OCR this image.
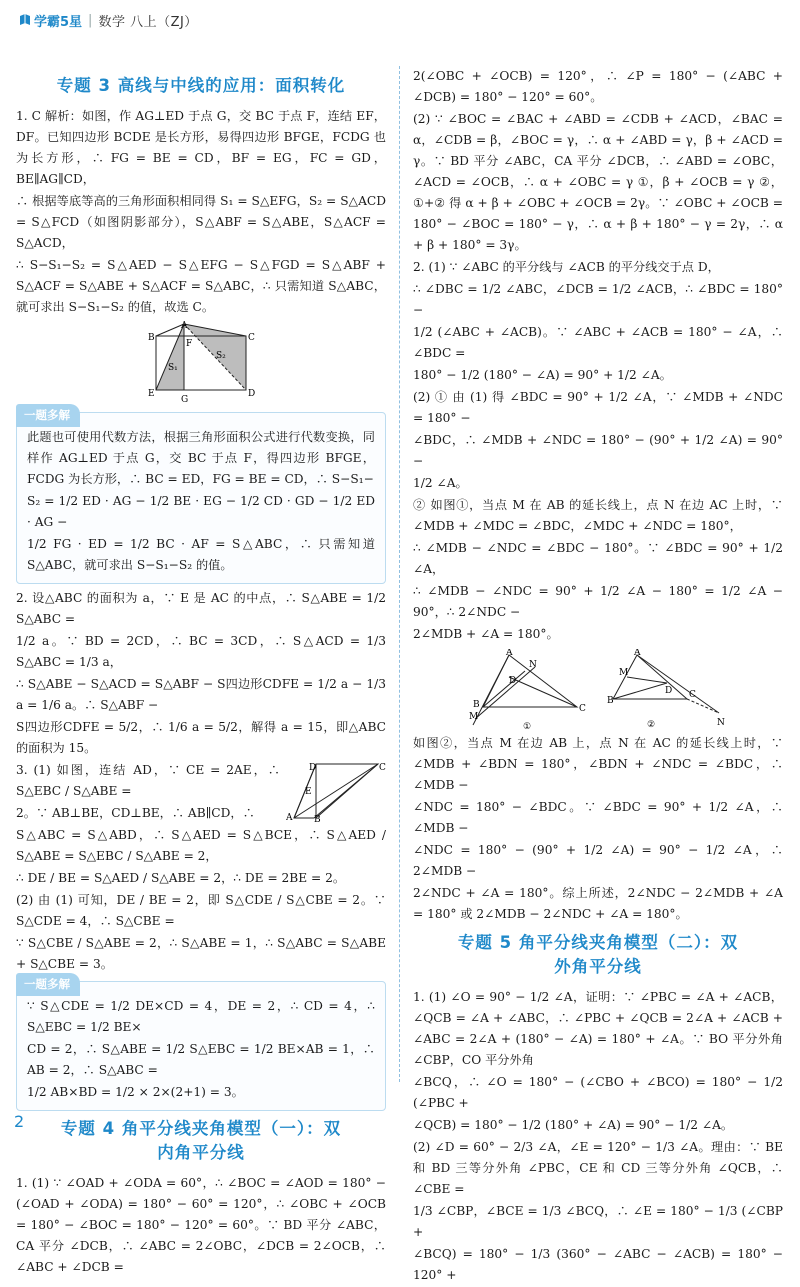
学霸5星 | 数学 八上（ZJ）
专题 3 高线与中线的应用：面积转化

1. C 解析：如图，作 AG⊥ED 于点 G，交 BC 于点 F，连结 EF，DF。已知四边形 BCDE 是长方形，易得四边形 BFGE，FCDG 也为长方形，∴ FG = BE = CD，BF = EG，FC = GD，BE∥AG∥CD，

∴ 根据等底等高的三角形面积相同得 S₁ = S△EFG，S₂ = S△ACD = S△FCD（如图阴影部分），S△ABF = S△ABE，S△ACF = S△ACD，

∴ S−S₁−S₂ = S△AED − S△EFG − S△FGD = S△ABF + S△ACF = S△ABE + S△ACF = S△ABC，∴ 只需知道 S△ABC，就可求出 S−S₁−S₂ 的值，故选 C。

A
B	C
D
E
F
G
S₁
S₂
一题多解

此题也可使用代数方法，根据三角形面积公式进行代数变换，同样作 AG⊥ED 于点 G，交 BC 于点 F，得四边形 BFGE，FCDG 为长方形，∴ BC = ED，FG = BE = CD，∴ S−S₁−

S₂ = 1/2 ED · AG − 1/2 BE · EG − 1/2 CD · GD − 1/2 ED · AG −

1/2 FG · ED = 1/2 BC · AF = S△ABC，∴ 只需知道 S△ABC，就可求出 S−S₁−S₂ 的值。

2. 设△ABC 的面积为 a，∵ E 是 AC 的中点，∴ S△ABE = 1/2 S△ABC =

1/2 a。∵ BD = 2CD，∴ BC = 3CD，∴ S△ACD = 1/3 S△ABC = 1/3 a，

∴ S△ABE − S△ACD = S△ABF − S四边形CDFE = 1/2 a − 1/3 a = 1/6 a。∴ S△ABF −

S四边形CDFE = 5/2，∴ 1/6 a = 5/2，解得 a = 15，即△ABC 的面积为 15。

D	C
A B
E

3. (1) 如图，连结 AD，∵ CE = 2AE，∴ S△EBC / S△ABE =

2。∵ AB⊥BE，CD⊥BE，∴ AB∥CD，∴

S△ABC = S△ABD，∴ S△AED = S△BCE，∴ S△AED / S△ABE = S△EBC / S△ABE = 2，

∴ DE / BE = S△AED / S△ABE = 2，∴ DE = 2BE = 2。

(2) 由 (1) 可知，DE / BE = 2，即 S△CDE / S△CBE = 2。∵ S△CDE = 4，∴ S△CBE =

∵ S△CBE / S△ABE = 2，∴ S△ABE = 1，∴ S△ABC = S△ABE + S△CBE = 3。

一题多解

∵ S△CDE = 1/2 DE×CD = 4，DE = 2，∴ CD = 4，∴ S△EBC = 1/2 BE×

CD = 2，∴ S△ABE = 1/2 S△EBC = 1/2 BE×AB = 1，∴ AB = 2，∴ S△ABC =

1/2 AB×BD = 1/2 × 2×(2+1) = 3。

专题 4 角平分线夹角模型（一）：双
内角平分线

1. (1) ∵ ∠OAD + ∠ODA = 60°，∴ ∠BOC = ∠AOD = 180° − (∠OAD + ∠ODA) = 180° − 60° = 120°，∴ ∠OBC + ∠OCB = 180° − ∠BOC = 180° − 120° = 60°。∵ BD 平分 ∠ABC，CA 平分 ∠DCB，∴ ∠ABC = 2∠OBC，∠DCB = 2∠OCB，∴ ∠ABC + ∠DCB =

2(∠OBC + ∠OCB) = 120°，∴ ∠P = 180° − (∠ABC + ∠DCB) = 180° − 120° = 60°。

(2) ∵ ∠BOC = ∠BAC + ∠ABD = ∠CDB + ∠ACD，∠BAC = α，∠CDB = β，∠BOC = γ，∴ α + ∠ABD = γ，β + ∠ACD = γ。∵ BD 平分 ∠ABC，CA 平分 ∠DCB，∴ ∠ABD = ∠OBC，∠ACD = ∠OCB，∴ α + ∠OBC = γ ①，β + ∠OCB = γ ②，①+② 得 α + β + ∠OBC + ∠OCB = 2γ。∵ ∠OBC + ∠OCB = 180° − ∠BOC = 180° − γ，∴ α + β + 180° − γ = 2γ，∴ α + β + 180° = 3γ。

2. (1) ∵ ∠ABC 的平分线与 ∠ACB 的平分线交于点 D，

∴ ∠DBC = 1/2 ∠ABC，∠DCB = 1/2 ∠ACB，∴ ∠BDC = 180° −

1/2 (∠ABC + ∠ACB)。∵ ∠ABC + ∠ACB = 180° − ∠A，∴ ∠BDC =

180° − 1/2 (180° − ∠A) = 90° + 1/2 ∠A。

(2) ① 由 (1) 得 ∠BDC = 90° + 1/2 ∠A，∵ ∠MDB + ∠NDC = 180° −

∠BDC，∴ ∠MDB + ∠NDC = 180° − (90° + 1/2 ∠A) = 90° −

1/2 ∠A。

② 如图①，当点 M 在 AB 的延长线上，点 N 在边 AC 上时，∵ ∠MDB + ∠MDC = ∠BDC，∠MDC + ∠NDC = 180°，

∴ ∠MDB − ∠NDC = ∠BDC − 180°。∵ ∠BDC = 90° + 1/2 ∠A，

∴ ∠MDB − ∠NDC = 90° + 1/2 ∠A − 180° = 1/2 ∠A − 90°，∴ 2∠NDC −

2∠MDB + ∠A = 180°。

A
B	C
D
M
N
①
A
B
C
D
M
N
②

如图②，当点 M 在边 AB 上，点 N 在 AC 的延长线上时，∵ ∠MDB + ∠BDN = 180°，∠BDN + ∠NDC = ∠BDC，∴ ∠MDB −

∠NDC = 180° − ∠BDC。∵ ∠BDC = 90° + 1/2 ∠A，∴ ∠MDB −

∠NDC = 180° − (90° + 1/2 ∠A) = 90° − 1/2 ∠A，∴ 2∠MDB −

2∠NDC + ∠A = 180°。综上所述，2∠NDC − 2∠MDB + ∠A = 180° 或 2∠MDB − 2∠NDC + ∠A = 180°。

专题 5 角平分线夹角模型（二）：双
外角平分线

1. (1) ∠O = 90° − 1/2 ∠A，证明：∵ ∠PBC = ∠A + ∠ACB，∠QCB = ∠A + ∠ABC，∴ ∠PBC + ∠QCB = 2∠A + ∠ACB + ∠ABC = 2∠A + (180° − ∠A) = 180° + ∠A。∵ BO 平分外角 ∠CBP，CO 平分外角

∠BCQ，∴ ∠O = 180° − (∠CBO + ∠BCO) = 180° − 1/2 (∠PBC +

∠QCB) = 180° − 1/2 (180° + ∠A) = 90° − 1/2 ∠A。

(2) ∠D = 60° − 2/3 ∠A，∠E = 120° − 1/3 ∠A。理由：∵ BE 和 BD 三等分外角 ∠PBC，CE 和 CD 三等分外角 ∠QCB，∴ ∠CBE =

1/3 ∠CBP，∠BCE = 1/3 ∠BCQ，∴ ∠E = 180° − 1/3 (∠CBP +

∠BCQ) = 180° − 1/3 (360° − ∠ABC − ∠ACB) = 180° − 120° +

2
